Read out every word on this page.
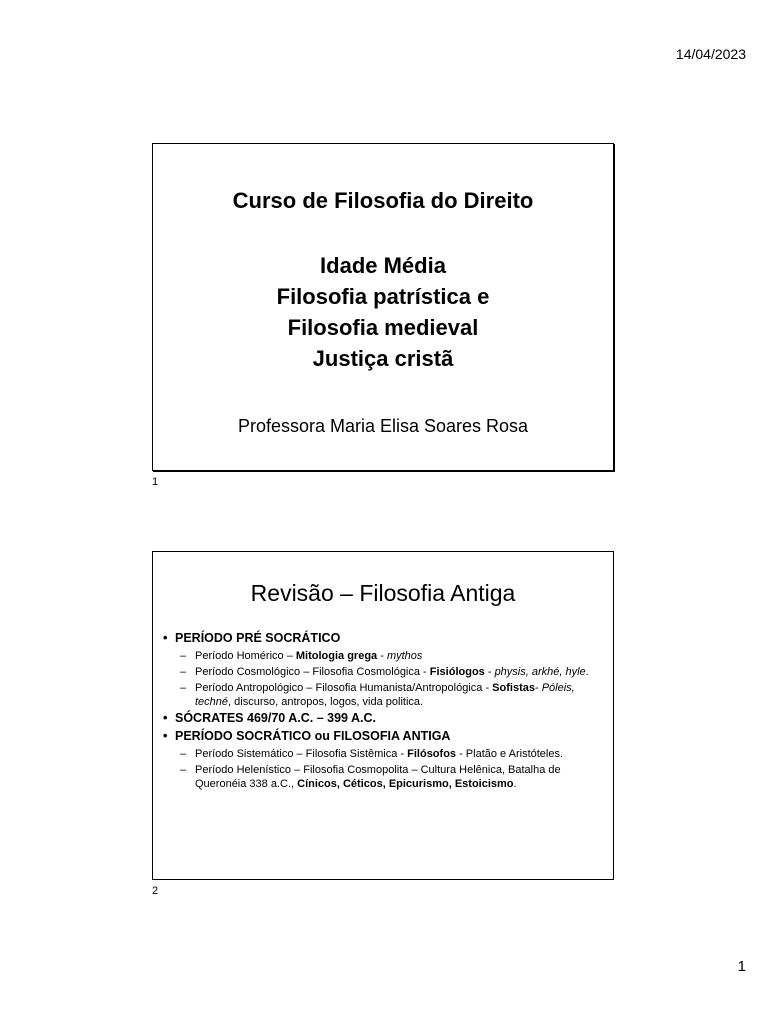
14/04/2023
Curso de Filosofia do Direito
Idade Média
Filosofia patrística e
Filosofia medieval
Justiça cristã
Professora Maria Elisa Soares Rosa
1
Revisão – Filosofia Antiga
• PERÍODO PRÉ SOCRÁTICO
– Período Homérico – Mitologia grega - mythos
– Período Cosmológico – Filosofia Cosmológica - Fisiólogos - physis, arkhé, hyle.
– Período Antropológico – Filosofia Humanista/Antropológica - Sofistas- Póleis, techné, discurso, antropos, logos, vida politica.
• SÓCRATES 469/70 A.C. – 399 A.C.
• PERÍODO SOCRÁTICO ou FILOSOFIA ANTIGA
– Período Sistemático – Filosofia Sistêmica - Filósofos - Platão e Aristóteles.
– Período Helenístico – Filosofia Cosmopolita – Cultura Helênica, Batalha de Queronéia 338 a.C., Cínicos, Céticos, Epicurismo, Estoicismo.
2
1
